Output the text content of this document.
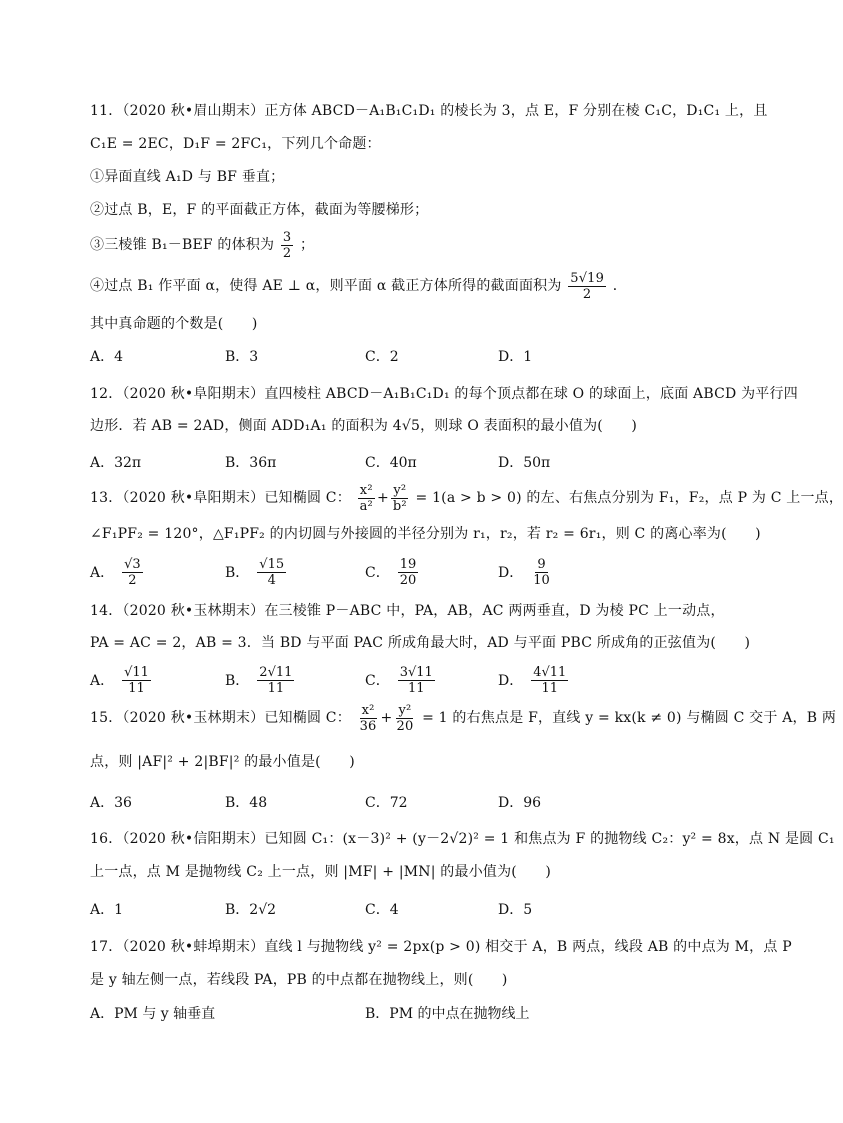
11．（2020 秋•眉山期末）正方体 ABCD－A₁B₁C₁D₁ 的棱长为 3，点 E，F 分别在棱 C₁C，D₁C₁ 上，且
C₁E = 2EC，D₁F = 2FC₁，下列几个命题：
①异面直线 A₁D 与 BF 垂直；
②过点 B，E，F 的平面截正方体，截面为等腰梯形；
③三棱锥 B₁－BEF 的体积为 $\frac{3}{2}$ ；
④过点 B₁ 作平面 α，使得 AE ⊥ α，则平面 α 截正方体所得的截面面积为 $\frac{5√19}{2}$ ．
其中真命题的个数是(　　)
A．4	B．3	C．2	D．1
12．（2020 秋•阜阳期末）直四棱柱 ABCD－A₁B₁C₁D₁ 的每个顶点都在球 O 的球面上，底面 ABCD 为平行四
边形．若 AB = 2AD，侧面 ADD₁A₁ 的面积为 4√5，则球 O 表面积的最小值为(　　)
A．32π	B．36π	C．40π	D．50π
13．（2020 秋•阜阳期末）已知椭圆 C： $\frac{\text{x²}}{\text{a²}} + \frac{\text{y²}}{\text{b²}} = 1(a > b > 0)$ 的左、右焦点分别为 F₁，F₂，点 P 为 C 上一点，
∠F₁PF₂ = 120°，△F₁PF₂ 的内切圆与外接圆的半径分别为 r₁，r₂，若 r₂ = 6r₁，则 C 的离心率为(　　)
A． $\frac{√3}{2}$	B． $\frac{√15}{4}$	C． $\frac{19}{20}$	D． $\frac{9}{10}$
14．（2020 秋•玉林期末）在三棱锥 P－ABC 中，PA，AB，AC 两两垂直，D 为棱 PC 上一动点，
PA = AC = 2，AB = 3．当 BD 与平面 PAC 所成角最大时，AD 与平面 PBC 所成角的正弦值为(　　)
A． $\frac{√11}{11}$	B． $\frac{2√11}{11}$	C． $\frac{3√11}{11}$	D． $\frac{4√11}{11}$
15．（2020 秋•玉林期末）已知椭圆 C： $\frac{\text{x²}}{36} + \frac{\text{y²}}{20} = 1$ 的右焦点是 F，直线 y = kx(k ≠ 0) 与椭圆 C 交于 A，B 两
点，则 |AF|² + 2|BF|² 的最小值是(　　)
A．36	B．48	C．72	D．96
16．（2020 秋•信阳期末）已知圆 C₁：(x－3)² + (y－2√2)² = 1 和焦点为 F 的抛物线 C₂：y² = 8x，点 N 是圆 C₁
上一点，点 M 是抛物线 C₂ 上一点，则 |MF| + |MN| 的最小值为(　　)
A．1	B．2√2	C．4	D．5
17．（2020 秋•蚌埠期末）直线 l 与抛物线 y² = 2px(p > 0) 相交于 A，B 两点，线段 AB 的中点为 M，点 P
是 y 轴左侧一点，若线段 PA，PB 的中点都在抛物线上，则(　　)
A．PM 与 y 轴垂直	B．PM 的中点在抛物线上
